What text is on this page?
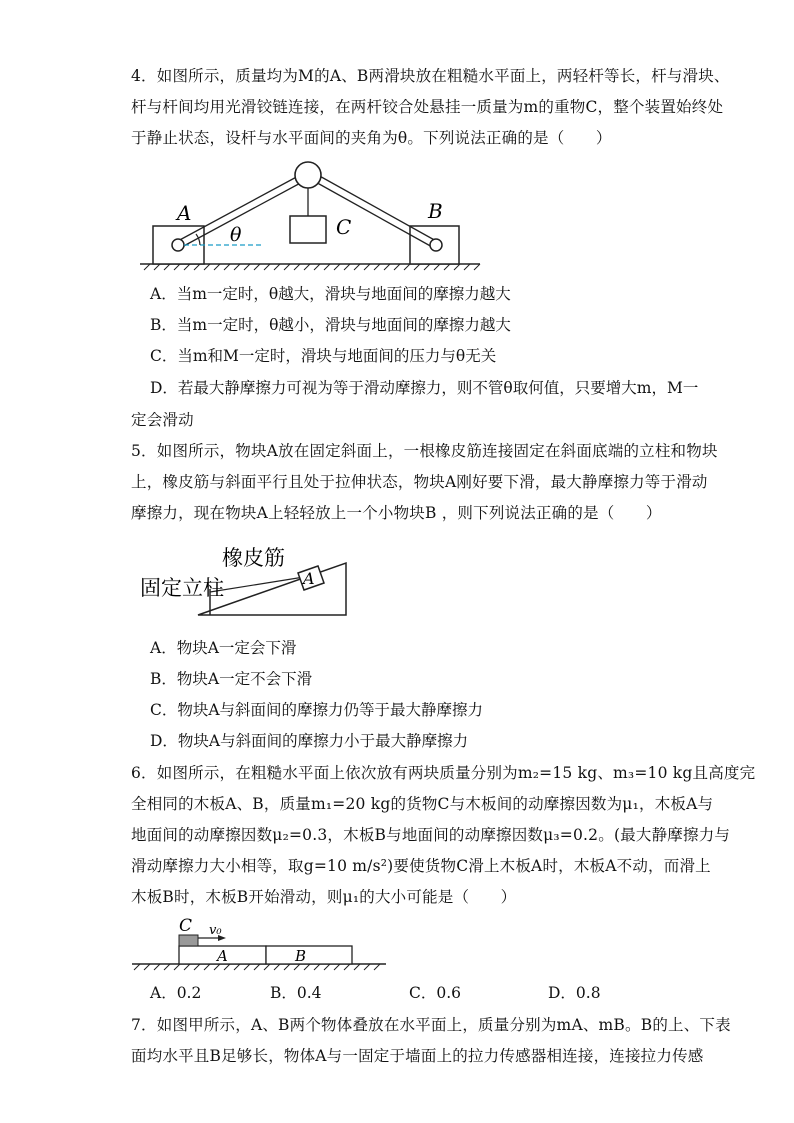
4．如图所示，质量均为M的A、B两滑块放在粗糙水平面上，两轻杆等长，杆与滑块、
杆与杆间均用光滑铰链连接，在两杆铰合处悬挂一质量为m的重物C，整个装置始终处
于静止状态，设杆与水平面间的夹角为θ。下列说法正确的是（　　）
A	B
C
θ
A．当m一定时，θ越大，滑块与地面间的摩擦力越大
B．当m一定时，θ越小，滑块与地面间的摩擦力越大
C．当m和M一定时，滑块与地面间的压力与θ无关
D．若最大静摩擦力可视为等于滑动摩擦力，则不管θ取何值，只要增大m，M一
定会滑动
5．如图所示，物块A放在固定斜面上，一根橡皮筋连接固定在斜面底端的立柱和物块
上，橡皮筋与斜面平行且处于拉伸状态，物块A刚好要下滑，最大静摩擦力等于滑动
摩擦力，现在物块A上轻轻放上一个小物块B ，则下列说法正确的是（　　）
A
橡皮筋
固定立柱
A．物块A一定会下滑
B．物块A一定不会下滑
C．物块A与斜面间的摩擦力仍等于最大静摩擦力
D．物块A与斜面间的摩擦力小于最大静摩擦力
6．如图所示，在粗糙水平面上依次放有两块质量分别为m₂=15 kg、m₃=10 kg且高度完
全相同的木板A、B，质量m₁=20 kg的货物C与木板间的动摩擦因数为μ₁，木板A与
地面间的动摩擦因数μ₂=0.3，木板B与地面间的动摩擦因数μ₃=0.2。(最大静摩擦力与
滑动摩擦力大小相等，取g=10 m/s²)要使货物C滑上木板A时，木板A不动，而滑上
木板B时，木板B开始滑动，则μ₁的大小可能是（　　）
C v₀
A	B
A．0.2	B．0.4	C．0.6	D．0.8
7．如图甲所示，A、B两个物体叠放在水平面上，质量分别为mA、mB。B的上、下表
面均水平且B足够长，物体A与一固定于墙面上的拉力传感器相连接，连接拉力传感
